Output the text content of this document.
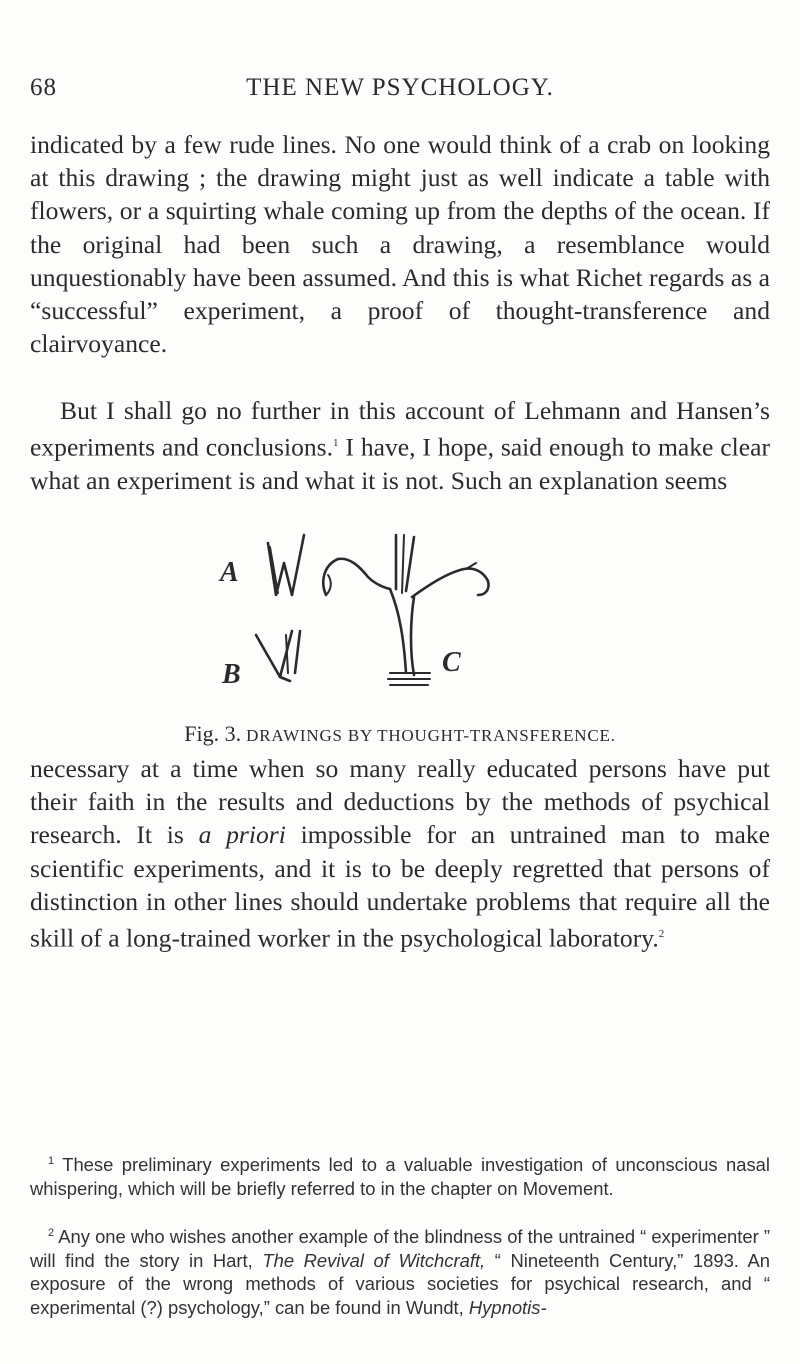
68	THE NEW PSYCHOLOGY.

indicated by a few rude lines. No one would think of a crab on looking at this drawing ; the drawing might just as well indicate a table with flowers, or a squirting whale coming up from the depths of the ocean. If the original had been such a drawing, a resemblance would unquestionably have been assumed. And this is what Richet regards as a “successful” experiment, a proof of thought-transference and clairvoyance.

But I shall go no further in this account of Lehmann and Hansen’s experiments and conclusions.$^1$ I have, I hope, said enough to make clear what an experiment is and what it is not. Such an explanation seems

A
B	C
Fig. 3. DRAWINGS BY THOUGHT-TRANSFERENCE.

necessary at a time when so many really educated persons have put their faith in the results and deductions by the methods of psychical research. It is a priori impossible for an untrained man to make scientific experiments, and it is to be deeply regretted that persons of distinction in other lines should undertake problems that require all the skill of a long-trained worker in the psychological laboratory.$^2$

$^1$ These preliminary experiments led to a valuable investigation of unconscious nasal whispering, which will be briefly referred to in the chapter on Movement.

$^2$ Any one who wishes another example of the blindness of the untrained “ experimenter ” will find the story in Hart, The Revival of Witchcraft, “ Nineteenth Century,” 1893. An exposure of the wrong methods of various societies for psychical research, and “ experimental (?) psychology,” can be found in Wundt, Hypnotis-
